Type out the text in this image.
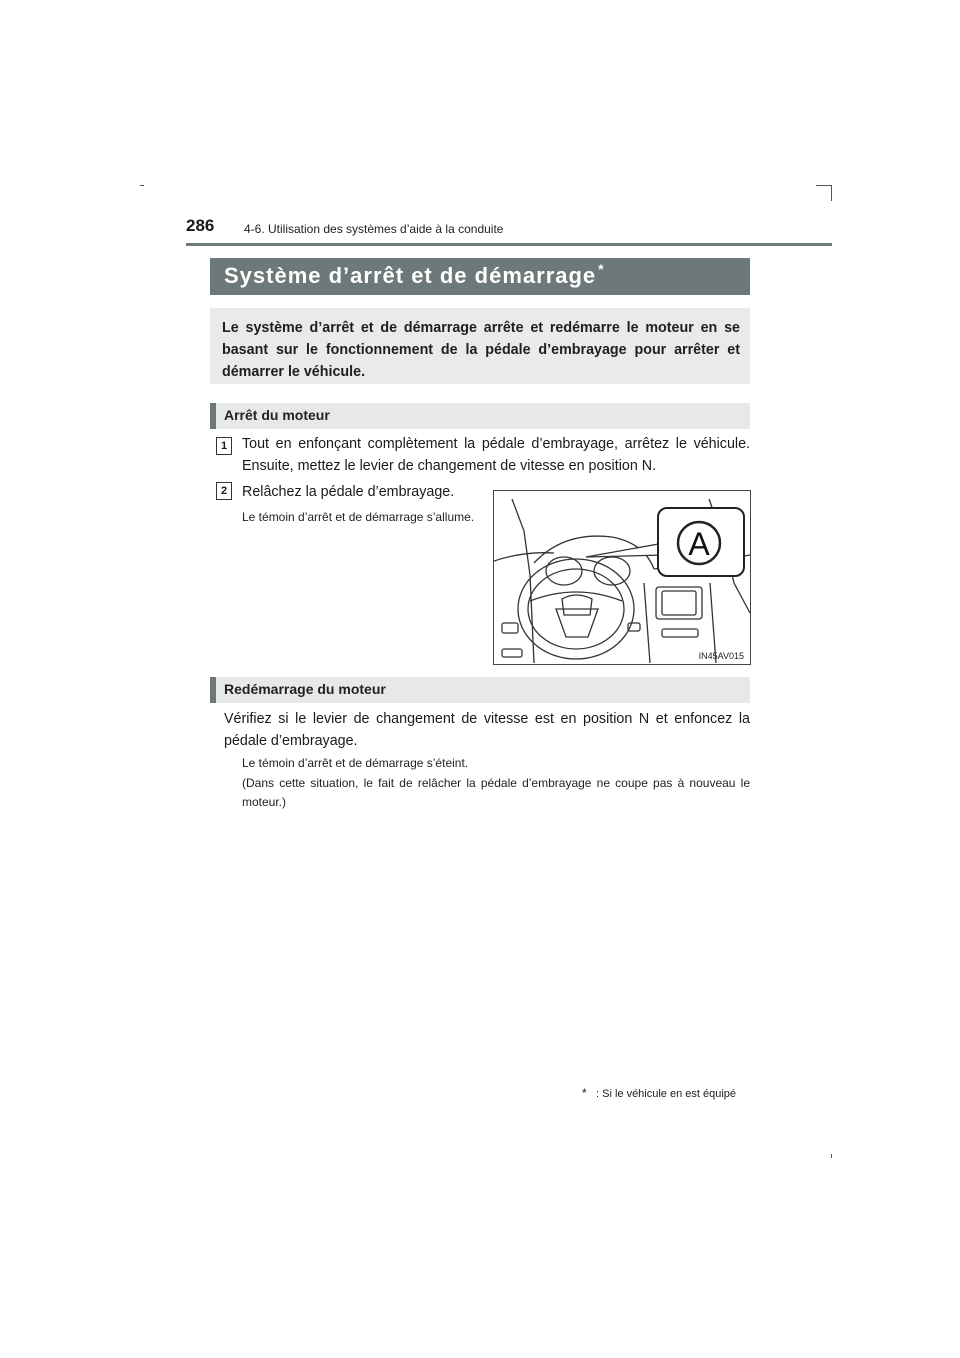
286 4-6. Utilisation des systèmes d’aide à la conduite
Système d’arrêt et de démarrage *
Le système d’arrêt et de démarrage arrête et redémarre le moteur en se basant sur le fonctionnement de la pédale d’embrayage pour arrêter et démarrer le véhicule.
Arrêt du moteur
1	Tout en enfonçant complètement la pédale d’embrayage, arrêtez le véhicule. Ensuite, mettez le levier de changement de vitesse en position N.
2	Relâchez la pédale d’embrayage.
Le témoin d’arrêt et de démarrage s’allume.
A
IN45AV015
Redémarrage du moteur
Vérifiez si le levier de changement de vitesse est en position N et enfoncez la pédale d’embrayage.
Le témoin d’arrêt et de démarrage s’éteint.
(Dans cette situation, le fait de relâcher la pédale d’embrayage ne coupe pas à nouveau le moteur.)
* : Si le véhicule en est équipé
